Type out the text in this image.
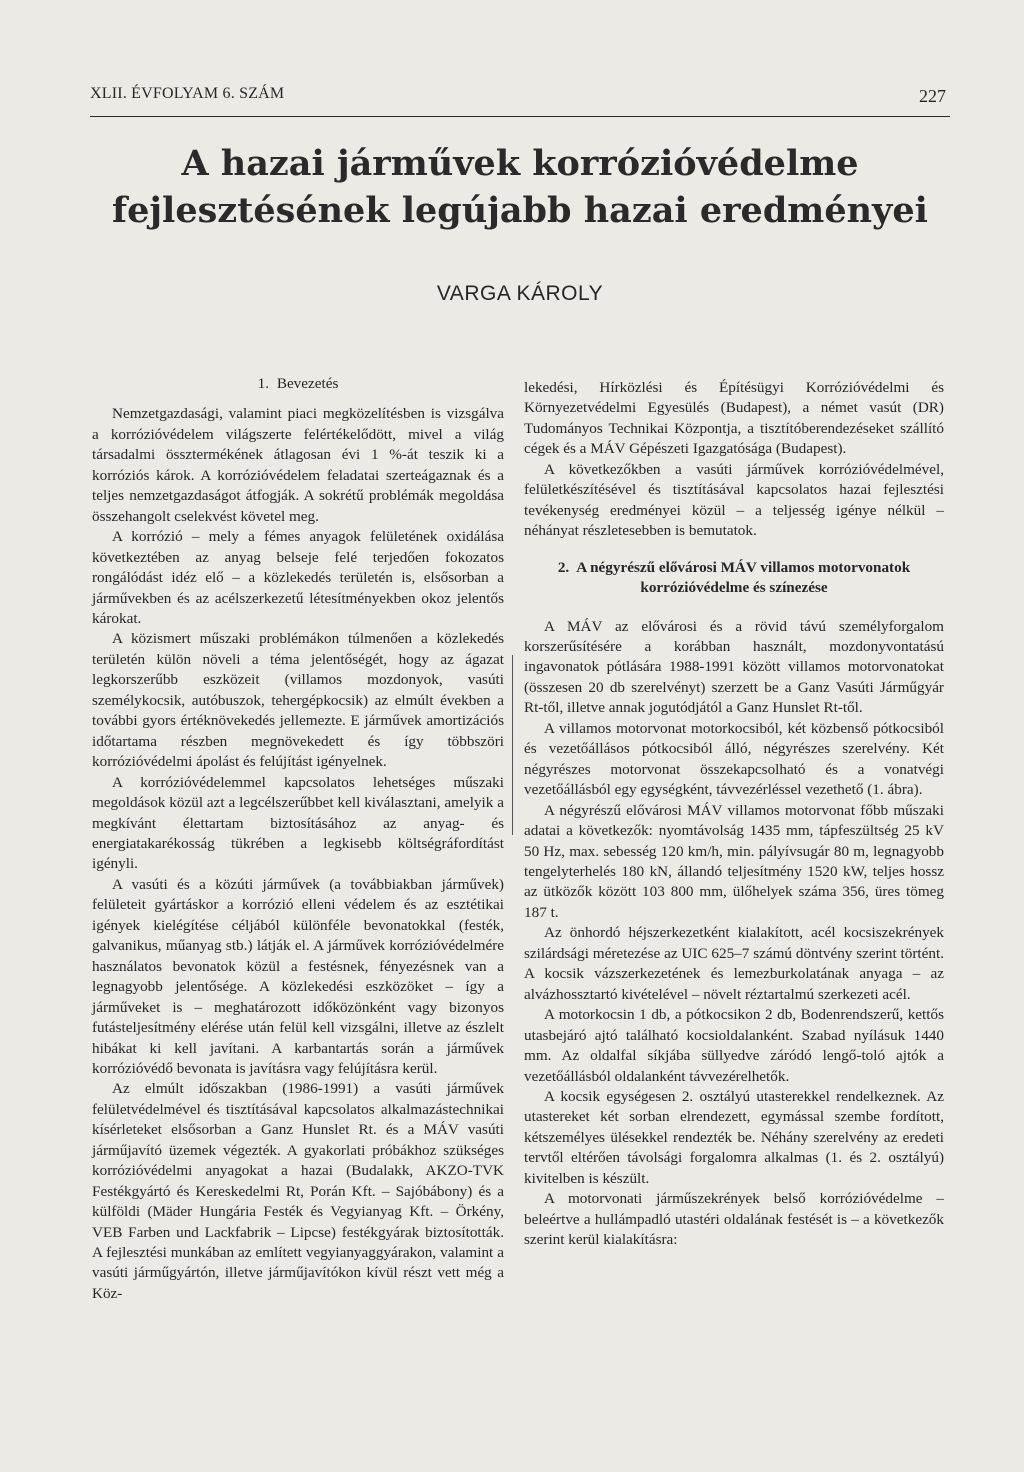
XLII. ÉVFOLYAM 6. SZÁM	227
A hazai járművek korrózióvédelme
fejlesztésének legújabb hazai eredményei
VARGA KÁROLY
1. Bevezetés

Nemzetgazdasági, valamint piaci megközelítésben is vizsgálva a korrózióvédelem világszerte felértékelődött, mivel a világ társadalmi össztermékének átlagosan évi 1 %-át teszik ki a korróziós károk. A korrózióvédelem feladatai szerteágaznak és a teljes nemzetgazdaságot átfogják. A sokrétű problémák megoldása összehangolt cselekvést követel meg.

A korrózió – mely a fémes anyagok felületének oxidálása következtében az anyag belseje felé terjedően fokozatos rongálódást idéz elő – a közlekedés területén is, elsősorban a járművekben és az acélszerkezetű létesítményekben okoz jelentős károkat.

A közismert műszaki problémákon túlmenően a közlekedés területén külön növeli a téma jelentőségét, hogy az ágazat legkorszerűbb eszközeit (villamos mozdonyok, vasúti személykocsik, autóbuszok, tehergépkocsik) az elmúlt években a további gyors értéknövekedés jellemezte. E járművek amortizációs időtartama részben megnövekedett és így többszöri korrózióvédelmi ápolást és felújítást igényelnek.

A korrózióvédelemmel kapcsolatos lehetséges műszaki megoldások közül azt a legcélszerűbbet kell kiválasztani, amelyik a megkívánt élettartam biztosításához az anyag- és energiatakarékosság tükrében a legkisebb költségráfordítást igényli.

A vasúti és a közúti járművek (a továbbiakban járművek) felületeit gyártáskor a korrózió elleni védelem és az esztétikai igények kielégítése céljából különféle bevonatokkal (festék, galvanikus, műanyag stb.) látják el. A járművek korrózióvédelmére használatos bevonatok közül a festésnek, fényezésnek van a legnagyobb jelentősége. A közlekedési eszközöket – így a járműveket is – meghatározott időközönként vagy bizonyos futásteljesítmény elérése után felül kell vizsgálni, illetve az észlelt hibákat ki kell javítani. A karbantartás során a járművek korrózióvédő bevonata is javításra vagy felújításra kerül.

Az elmúlt időszakban (1986-1991) a vasúti járművek felületvédelmével és tisztításával kapcsolatos alkalmazástechnikai kísérleteket elsősorban a Ganz Hunslet Rt. és a MÁV vasúti járműjavító üzemek végezték. A gyakorlati próbákhoz szükséges korrózióvédelmi anyagokat a hazai (Budalakk, AKZO-TVK Festékgyártó és Kereskedelmi Rt, Porán Kft. – Sajóbábony) és a külföldi (Mäder Hungária Festék és Vegyianyag Kft. – Örkény, VEB Farben und Lackfabrik – Lipcse) festékgyárak biztosították. A fejlesztési munkában az említett vegyianyaggyárakon, valamint a vasúti járműgyártón, illetve járműjavítókon kívül részt vett még a Köz-

lekedési, Hírközlési és Építésügyi Korrózióvédelmi és Környezetvédelmi Egyesülés (Budapest), a német vasút (DR) Tudományos Technikai Központja, a tisztítóberendezéseket szállító cégek és a MÁV Gépészeti Igazgatósága (Budapest).

A következőkben a vasúti járművek korrózióvédelmével, felületkészítésével és tisztításával kapcsolatos hazai fejlesztési tevékenység eredményei közül – a teljesség igénye nélkül – néhányat részletesebben is bemutatok.

2. A négyrészű elővárosi MÁV villamos motorvonatok korrózióvédelme és színezése

A MÁV az elővárosi és a rövid távú személyforgalom korszerűsítésére a korábban használt, mozdonyvontatású ingavonatok pótlására 1988-1991 között villamos motorvonatokat (összesen 20 db szerelvényt) szerzett be a Ganz Vasúti Járműgyár Rt-től, illetve annak jogutódjától a Ganz Hunslet Rt-től.

A villamos motorvonat motorkocsiból, két közbenső pótkocsiból és vezetőállásos pótkocsiból álló, négyrészes szerelvény. Két négyrészes motorvonat összekapcsolható és a vonatvégi vezetőállásból egy egységként, távvezérléssel vezethető (1. ábra).

A négyrészű elővárosi MÁV villamos motorvonat főbb műszaki adatai a következők: nyomtávolság 1435 mm, tápfeszültség 25 kV 50 Hz, max. sebesség 120 km/h, min. pályívsugár 80 m, legnagyobb tengelyterhelés 180 kN, állandó teljesítmény 1520 kW, teljes hossz az ütközők között 103 800 mm, ülőhelyek száma 356, üres tömeg 187 t.

Az önhordó héjszerkezetként kialakított, acél kocsiszekrények szilárdsági méretezése az UIC 625–7 számú döntvény szerint történt. A kocsik vázszerkezetének és lemezburkolatának anyaga – az alvázhossztartó kivételével – növelt réztartalmú szerkezeti acél.

A motorkocsin 1 db, a pótkocsikon 2 db, Bodenrendszerű, kettős utasbejáró ajtó található kocsioldalanként. Szabad nyílásuk 1440 mm. Az oldalfal síkjába süllyedve záródó lengő-toló ajtók a vezetőállásból oldalanként távvezérelhetők.

A kocsik egységesen 2. osztályú utasterekkel rendelkeznek. Az utastereket két sorban elrendezett, egymással szembe fordított, kétszemélyes ülésekkel rendezték be. Néhány szerelvény az eredeti tervtől eltérően távolsági forgalomra alkalmas (1. és 2. osztályú) kivitelben is készült.

A motorvonati járműszekrények belső korrózióvédelme – beleértve a hullámpadló utastéri oldalának festését is – a következők szerint kerül kialakításra:
